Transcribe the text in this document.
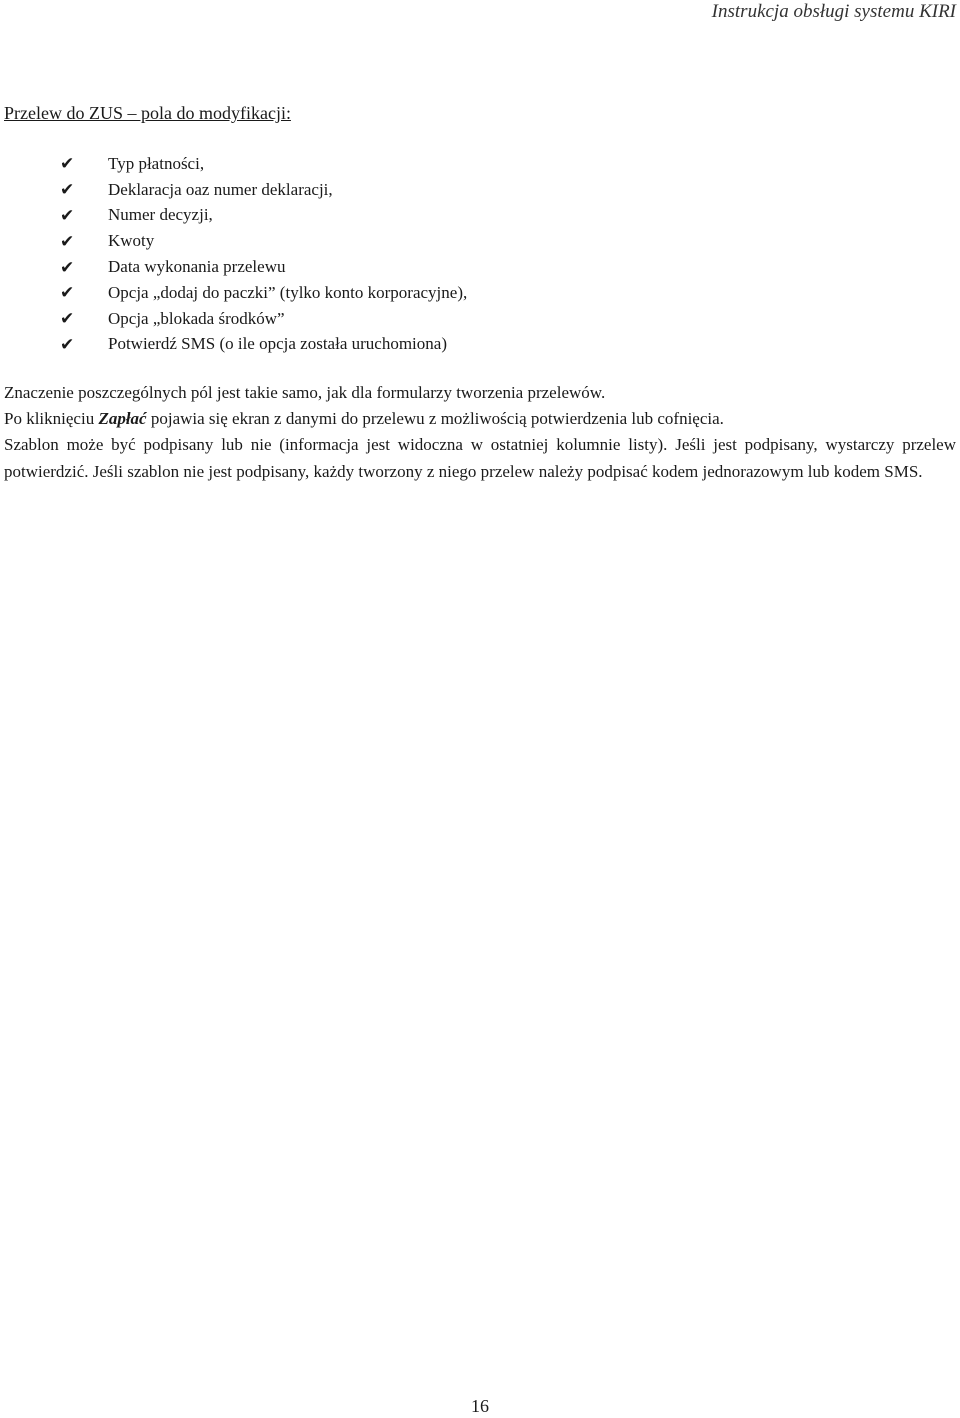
Instrukcja obsługi systemu KIRI
Przelew do ZUS – pola do modyfikacji:
✔	Typ płatności,
✔	Deklaracja oaz numer deklaracji,
✔	Numer decyzji,
✔	Kwoty
✔	Data wykonania przelewu
✔	Opcja „dodaj do paczki” (tylko konto korporacyjne),
✔	Opcja „blokada środków”
✔	Potwierdź SMS (o ile opcja została uruchomiona)

Znaczenie poszczególnych pól jest takie samo, jak dla formularzy tworzenia przelewów.

Po kliknięciu Zapłać pojawia się ekran z danymi do przelewu z możliwością potwierdzenia lub cofnięcia.

Szablon może być podpisany lub nie (informacja jest widoczna w ostatniej kolumnie listy). Jeśli jest podpisany, wystarczy przelew potwierdzić. Jeśli szablon nie jest podpisany, każdy tworzony z niego przelew należy podpisać kodem jednorazowym lub kodem SMS.

16
